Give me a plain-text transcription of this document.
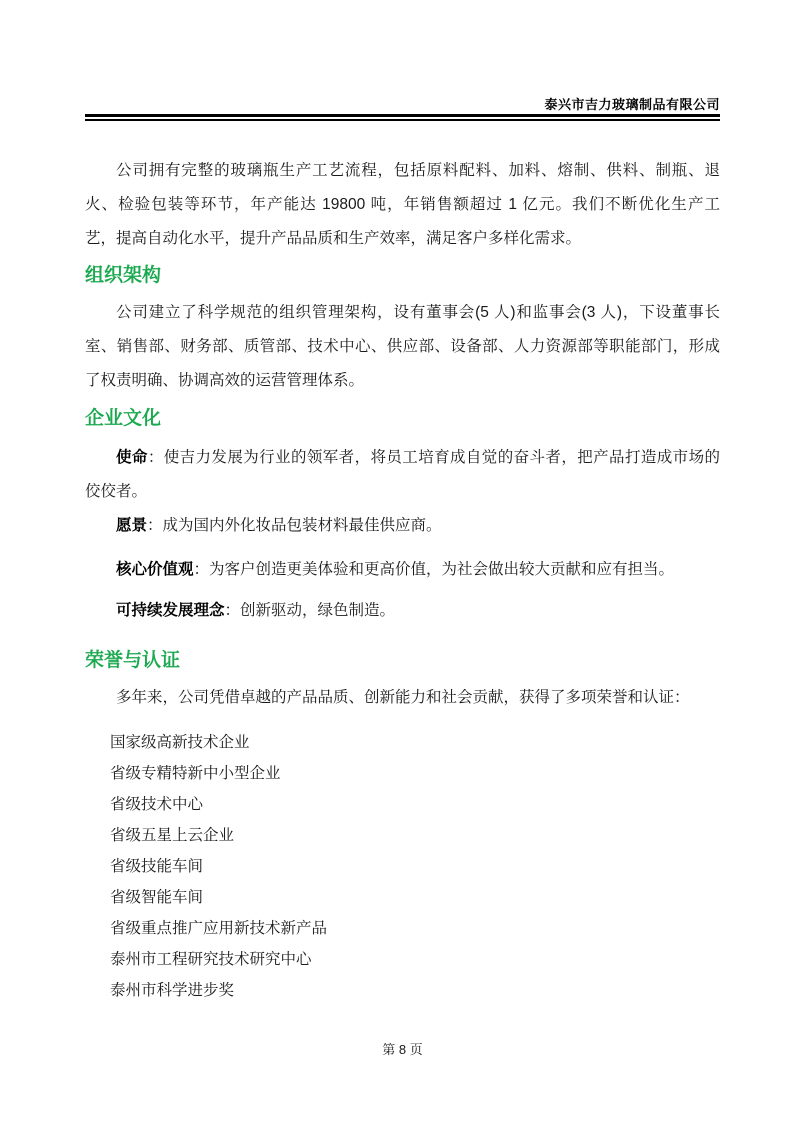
泰兴市吉力玻璃制品有限公司
公司拥有完整的玻璃瓶生产工艺流程，包括原料配料、加料、熔制、供料、制瓶、退
火、检验包装等环节，年产能达 19800 吨，年销售额超过 1 亿元。我们不断优化生产工
艺，提高自动化水平，提升产品品质和生产效率，满足客户多样化需求。
组织架构
公司建立了科学规范的组织管理架构，设有董事会(5 人)和监事会(3 人)，下设董事长
室、销售部、财务部、质管部、技术中心、供应部、设备部、人力资源部等职能部门，形成
了权责明确、协调高效的运营管理体系。
企业文化
使命：使吉力发展为行业的领军者，将员工培育成自觉的奋斗者，把产品打造成市场的佼佼者。
愿景：成为国内外化妆品包装材料最佳供应商。
核心价值观：为客户创造更美体验和更高价值，为社会做出较大贡献和应有担当。
可持续发展理念：创新驱动，绿色制造。
荣誉与认证
多年来，公司凭借卓越的产品品质、创新能力和社会贡献，获得了多项荣誉和认证：
国家级高新技术企业
省级专精特新中小型企业
省级技术中心
省级五星上云企业
省级技能车间
省级智能车间
省级重点推广应用新技术新产品
泰州市工程研究技术研究中心
泰州市科学进步奖
第 8 页
